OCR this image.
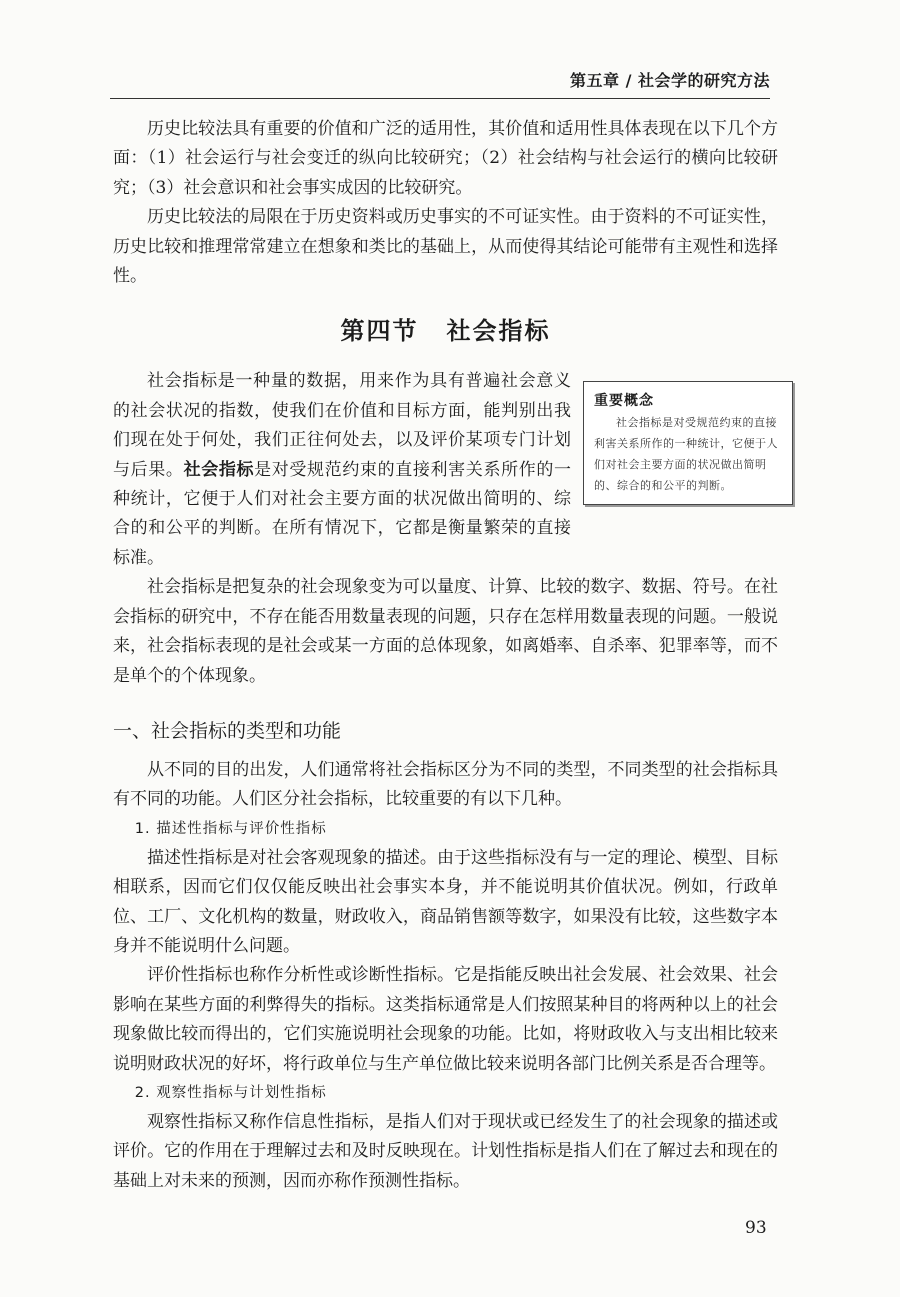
第五章 / 社会学的研究方法

历史比较法具有重要的价值和广泛的适用性，其价值和适用性具体表现在以下几个方面：（1）社会运行与社会变迁的纵向比较研究；（2）社会结构与社会运行的横向比较研究；（3）社会意识和社会事实成因的比较研究。

历史比较法的局限在于历史资料或历史事实的不可证实性。由于资料的不可证实性，历史比较和推理常常建立在想象和类比的基础上，从而使得其结论可能带有主观性和选择性。

第四节 社会指标

社会指标是一种量的数据，用来作为具有普遍社会意义的社会状况的指数，使我们在价值和目标方面，能判别出我们现在处于何处，我们正往何处去，以及评价某项专门计划与后果。社会指标是对受规范约束的直接利害关系所作的一种统计，它便于人们对社会主要方面的状况做出简明的、综合的和公平的判断。在所有情况下，它都是衡量繁荣的直接标准。

重要概念
社会指标是对受规范约束的直接利害关系所作的一种统计，它便于人们对社会主要方面的状况做出简明的、综合的和公平的判断。

社会指标是把复杂的社会现象变为可以量度、计算、比较的数字、数据、符号。在社会指标的研究中，不存在能否用数量表现的问题，只存在怎样用数量表现的问题。一般说来，社会指标表现的是社会或某一方面的总体现象，如离婚率、自杀率、犯罪率等，而不是单个的个体现象。

一、社会指标的类型和功能

从不同的目的出发，人们通常将社会指标区分为不同的类型，不同类型的社会指标具有不同的功能。人们区分社会指标，比较重要的有以下几种。

1. 描述性指标与评价性指标

描述性指标是对社会客观现象的描述。由于这些指标没有与一定的理论、模型、目标相联系，因而它们仅仅能反映出社会事实本身，并不能说明其价值状况。例如，行政单位、工厂、文化机构的数量，财政收入，商品销售额等数字，如果没有比较，这些数字本身并不能说明什么问题。

评价性指标也称作分析性或诊断性指标。它是指能反映出社会发展、社会效果、社会影响在某些方面的利弊得失的指标。这类指标通常是人们按照某种目的将两种以上的社会现象做比较而得出的，它们实施说明社会现象的功能。比如，将财政收入与支出相比较来说明财政状况的好坏，将行政单位与生产单位做比较来说明各部门比例关系是否合理等。

2. 观察性指标与计划性指标

观察性指标又称作信息性指标，是指人们对于现状或已经发生了的社会现象的描述或评价。它的作用在于理解过去和及时反映现在。计划性指标是指人们在了解过去和现在的基础上对未来的预测，因而亦称作预测性指标。

93
